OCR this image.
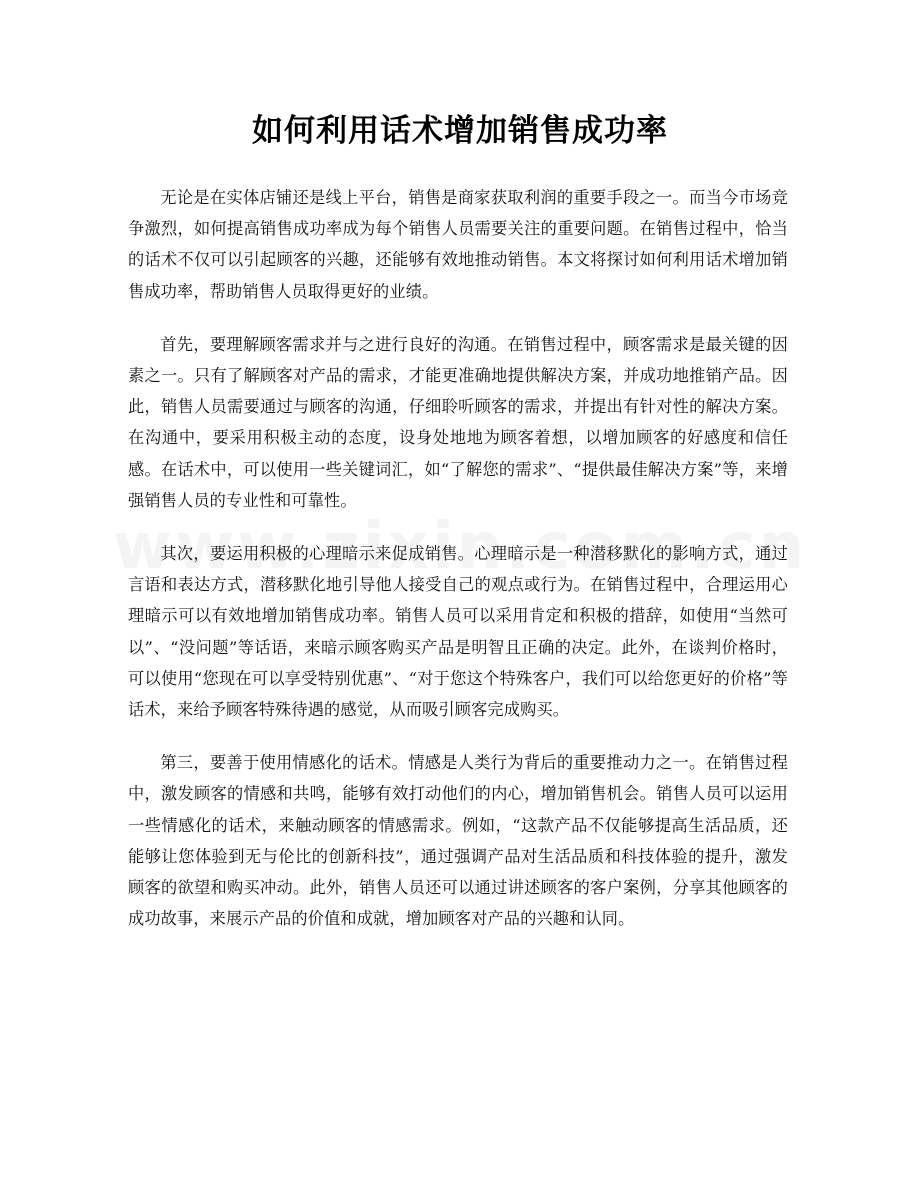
如何利用话术增加销售成功率

无论是在实体店铺还是线上平台，销售是商家获取利润的重要手段之一。而当今市场竞争激烈，如何提高销售成功率成为每个销售人员需要关注的重要问题。在销售过程中，恰当的话术不仅可以引起顾客的兴趣，还能够有效地推动销售。本文将探讨如何利用话术增加销售成功率，帮助销售人员取得更好的业绩。

首先，要理解顾客需求并与之进行良好的沟通。在销售过程中，顾客需求是最关键的因素之一。只有了解顾客对产品的需求，才能更准确地提供解决方案，并成功地推销产品。因此，销售人员需要通过与顾客的沟通，仔细聆听顾客的需求，并提出有针对性的解决方案。在沟通中，要采用积极主动的态度，设身处地地为顾客着想，以增加顾客的好感度和信任感。在话术中，可以使用一些关键词汇，如“了解您的需求”、“提供最佳解决方案”等，来增强销售人员的专业性和可靠性。

其次，要运用积极的心理暗示来促成销售。心理暗示是一种潜移默化的影响方式，通过言语和表达方式，潜移默化地引导他人接受自己的观点或行为。在销售过程中，合理运用心理暗示可以有效地增加销售成功率。销售人员可以采用肯定和积极的措辞，如使用“当然可以”、“没问题”等话语，来暗示顾客购买产品是明智且正确的决定。此外，在谈判价格时，可以使用“您现在可以享受特别优惠”、“对于您这个特殊客户，我们可以给您更好的价格”等话术，来给予顾客特殊待遇的感觉，从而吸引顾客完成购买。

第三，要善于使用情感化的话术。情感是人类行为背后的重要推动力之一。在销售过程中，激发顾客的情感和共鸣，能够有效打动他们的内心，增加销售机会。销售人员可以运用一些情感化的话术，来触动顾客的情感需求。例如，“这款产品不仅能够提高生活品质，还能够让您体验到无与伦比的创新科技”，通过强调产品对生活品质和科技体验的提升，激发顾客的欲望和购买冲动。此外，销售人员还可以通过讲述顾客的客户案例，分享其他顾客的成功故事，来展示产品的价值和成就，增加顾客对产品的兴趣和认同。
